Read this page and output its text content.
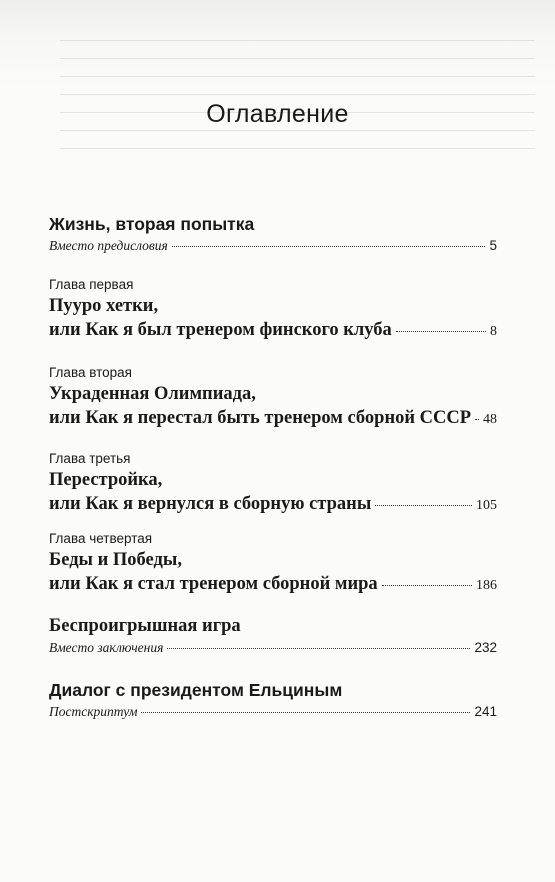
Оглавление
Жизнь, вторая попытка
Вместо предисловия	5
Глава первая
Пууро хетки,
или Как я был тренером финского клуба	8
Глава вторая
Украденная Олимпиада,
или Как я перестал быть тренером сборной СССР 48
Глава третья
Перестройка,
или Как я вернулся в сборную страны	105
Глава четвертая
Беды и Победы,
или Как я стал тренером сборной мира	186
Беспроигрышная игра
Вместо заключения	232
Диалог с президентом Ельциным
Постскриптум	241
